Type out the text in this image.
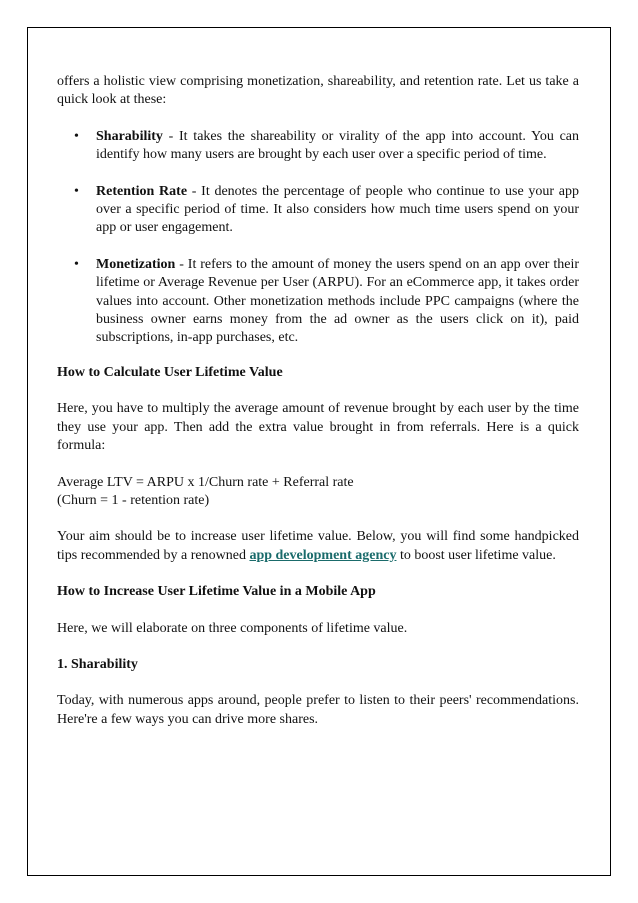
offers a holistic view comprising monetization, shareability, and retention rate. Let us take a quick look at these:

• Sharability - It takes the shareability or virality of the app into account. You can identify how many users are brought by each user over a specific period of time.
• Retention Rate - It denotes the percentage of people who continue to use your app over a specific period of time. It also considers how much time users spend on your app or user engagement.
• Monetization - It refers to the amount of money the users spend on an app over their lifetime or Average Revenue per User (ARPU). For an eCommerce app, it takes order values into account. Other monetization methods include PPC campaigns (where the business owner earns money from the ad owner as the users click on it), paid subscriptions, in-app purchases, etc.

How to Calculate User Lifetime Value

Here, you have to multiply the average amount of revenue brought by each user by the time they use your app. Then add the extra value brought in from referrals. Here is a quick formula:

Average LTV = ARPU x 1/Churn rate + Referral rate

(Churn = 1 - retention rate)

Your aim should be to increase user lifetime value. Below, you will find some handpicked tips recommended by a renowned app development agency to boost user lifetime value.

How to Increase User Lifetime Value in a Mobile App

Here, we will elaborate on three components of lifetime value.

1. Sharability

Today, with numerous apps around, people prefer to listen to their peers' recommendations. Here're a few ways you can drive more shares.
